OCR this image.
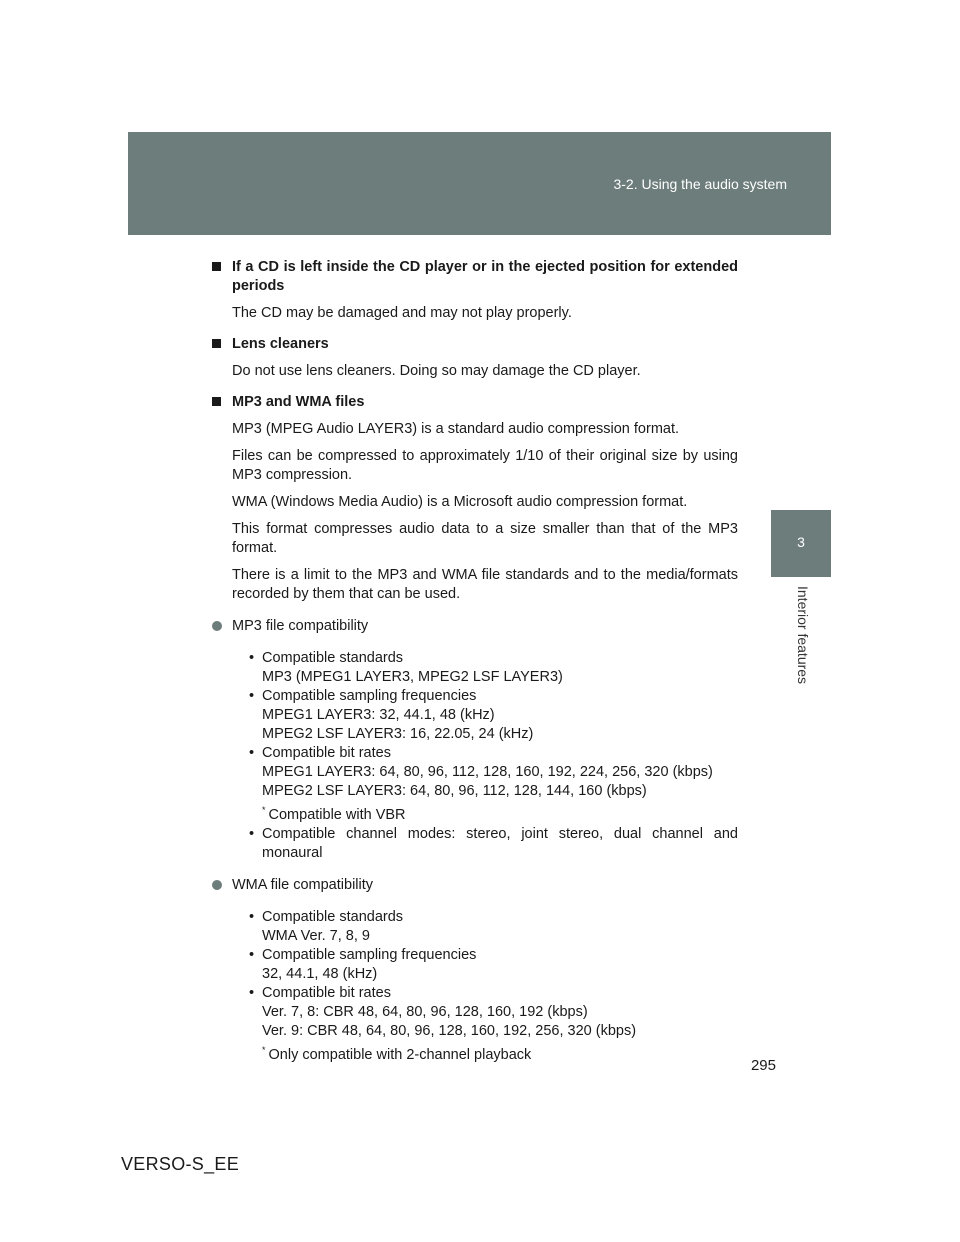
3-2. Using the audio system
3
Interior features
If a CD is left inside the CD player or in the ejected position for extended periods

The CD may be damaged and may not play properly.

Lens cleaners

Do not use lens cleaners. Doing so may damage the CD player.

MP3 and WMA files

MP3 (MPEG Audio LAYER3) is a standard audio compression format.

Files can be compressed to approximately 1/10 of their original size by using MP3 compression.

WMA (Windows Media Audio) is a Microsoft audio compression format.

This format compresses audio data to a size smaller than that of the MP3 format.

There is a limit to the MP3 and WMA file standards and to the media/formats recorded by them that can be used.

MP3 file compatibility
• Compatible standards
MP3 (MPEG1 LAYER3, MPEG2 LSF LAYER3)
• Compatible sampling frequencies
MPEG1 LAYER3: 32, 44.1, 48 (kHz)
MPEG2 LSF LAYER3: 16, 22.05, 24 (kHz)
• Compatible bit rates
MPEG1 LAYER3: 64, 80, 96, 112, 128, 160, 192, 224, 256, 320 (kbps)
MPEG2 LSF LAYER3: 64, 80, 96, 112, 128, 144, 160 (kbps)
* Compatible with VBR
• Compatible channel modes: stereo, joint stereo, dual channel and monaural
WMA file compatibility
• Compatible standards
WMA Ver. 7, 8, 9
• Compatible sampling frequencies
32, 44.1, 48 (kHz)
• Compatible bit rates
Ver. 7, 8: CBR 48, 64, 80, 96, 128, 160, 192 (kbps)
Ver. 9: CBR 48, 64, 80, 96, 128, 160, 192, 256, 320 (kbps)
* Only compatible with 2-channel playback
295
VERSO-S_EE
